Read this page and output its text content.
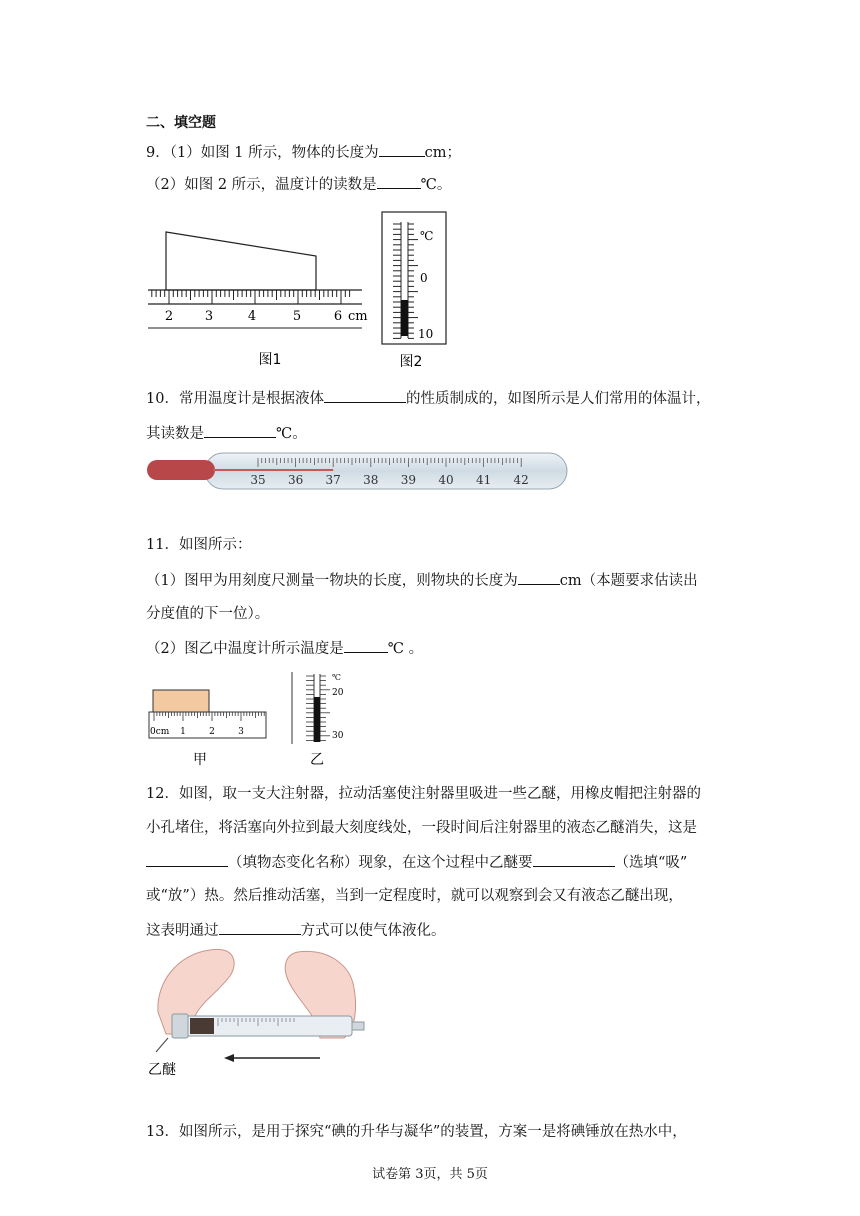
二、填空题
9．（1）如图 1 所示，物体的长度为	cm；
（2）如图 2 所示，温度计的读数是	℃。
2 3	4	5	6 cm
图1
℃
0
10
图2
10．常用温度计是根据液体	的性质制成的，如图所示是人们常用的体温计，
其读数是	℃。
35 36 37 38 39 40 41 42
11．如图所示：
（1）图甲为用刻度尺测量一物块的长度，则物块的长度为	cm（本题要求估读出
分度值的下一位）。
（2）图乙中温度计所示温度是	℃ 。
0cm 1	2	3
甲
℃
20
30
乙
12．如图，取一支大注射器，拉动活塞使注射器里吸进一些乙醚，用橡皮帽把注射器的
小孔堵住，将活塞向外拉到最大刻度线处，一段时间后注射器里的液态乙醚消失，这是
（填物态变化名称）现象，在这个过程中乙醚要	（选填“吸”
或“放”）热。然后推动活塞，当到一定程度时，就可以观察到会又有液态乙醚出现，
这表明通过	方式可以使气体液化。
乙醚
13．如图所示，是用于探究“碘的升华与凝华”的装置，方案一是将碘锤放在热水中，
试卷第 3页，共 5页
